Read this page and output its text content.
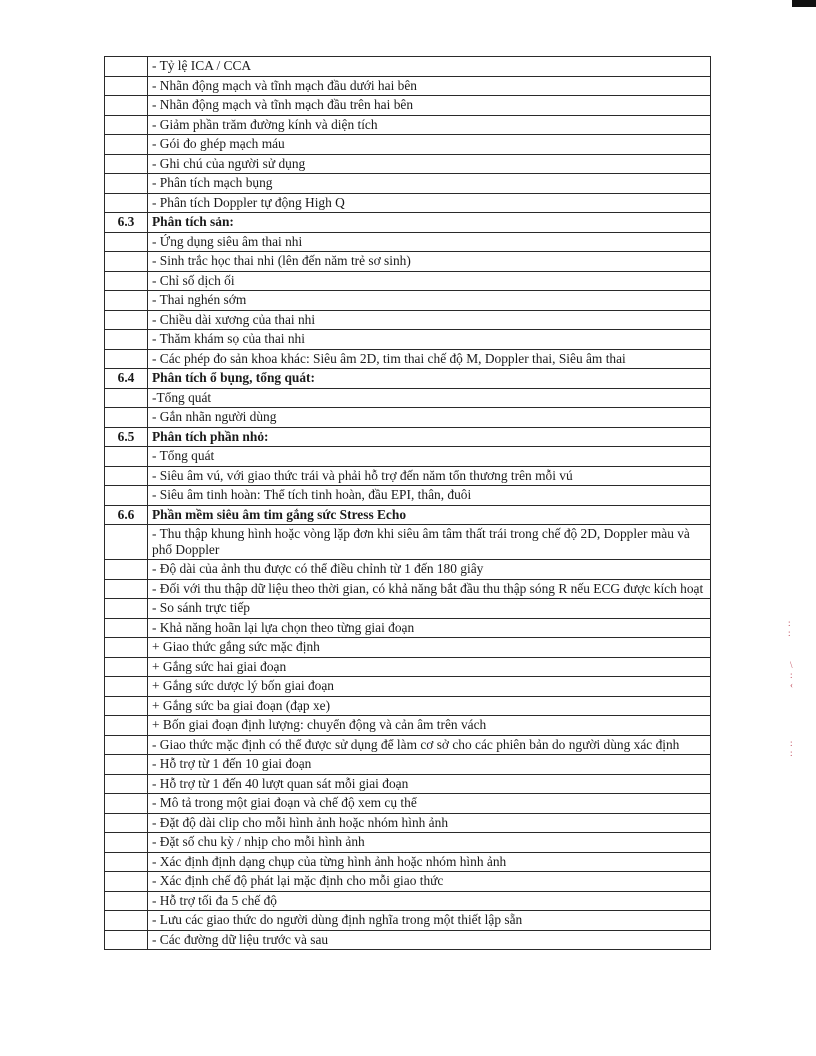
	- Tỷ lệ ICA / CCA
	- Nhãn động mạch và tĩnh mạch đầu dưới hai bên
	- Nhãn động mạch và tĩnh mạch đầu trên hai bên
	- Giảm phần trăm đường kính và diện tích
	- Gói đo ghép mạch máu
	- Ghi chú của người sử dụng
	- Phân tích mạch bụng
	- Phân tích Doppler tự động High Q
6.3	Phân tích sản:
	- Ứng dụng siêu âm thai nhi
	- Sinh trắc học thai nhi (lên đến năm trẻ sơ sinh)
	- Chỉ số dịch ối
	- Thai nghén sớm
	- Chiều dài xương của thai nhi
	- Thăm khám sọ của thai nhi
	- Các phép đo sản khoa khác: Siêu âm 2D, tim thai chế độ M, Doppler thai, Siêu âm thai
6.4	Phân tích ổ bụng, tổng quát:
	-Tổng quát
	- Gắn nhãn người dùng
6.5	Phân tích phần nhỏ:
	- Tổng quát
	- Siêu âm vú, với giao thức trái và phải hỗ trợ đến năm tổn thương trên mỗi vú
	- Siêu âm tinh hoàn: Thể tích tinh hoàn, đầu EPI, thân, đuôi
6.6	Phần mềm siêu âm tim gắng sức Stress Echo
	- Thu thập khung hình hoặc vòng lặp đơn khi siêu âm tâm thất trái trong chế độ 2D, Doppler màu và phổ Doppler
	- Độ dài của ảnh thu được có thể điều chỉnh từ 1 đến 180 giây
	- Đối với thu thập dữ liệu theo thời gian, có khả năng bắt đầu thu thập sóng R nếu ECG được kích hoạt
	- So sánh trực tiếp
	- Khả năng hoãn lại lựa chọn theo từng giai đoạn
	+ Giao thức gắng sức mặc định
	+ Gắng sức hai giai đoạn
	+ Gắng sức dược lý bốn giai đoạn
	+ Gắng sức ba giai đoạn (đạp xe)
	+ Bốn giai đoạn định lượng: chuyển động và cản âm trên vách
	- Giao thức mặc định có thể được sử dụng để làm cơ sở cho các phiên bản do người dùng xác định
	- Hỗ trợ từ 1 đến 10 giai đoạn
	- Hỗ trợ từ 1 đến 40 lượt quan sát mỗi giai đoạn
	- Mô tả trong một giai đoạn và chế độ xem cụ thể
	- Đặt độ dài clip cho mỗi hình ảnh hoặc nhóm hình ảnh
	- Đặt số chu kỳ / nhịp cho mỗi hình ảnh
	- Xác định định dạng chụp của từng hình ảnh hoặc nhóm hình ảnh
	- Xác định chế độ phát lại mặc định cho mỗi giao thức
	- Hỗ trợ tối đa 5 chế độ
	- Lưu các giao thức do người dùng định nghĩa trong một thiết lập sẵn
	- Các đường dữ liệu trước và sau
:
:
\
:
‹
:
:
